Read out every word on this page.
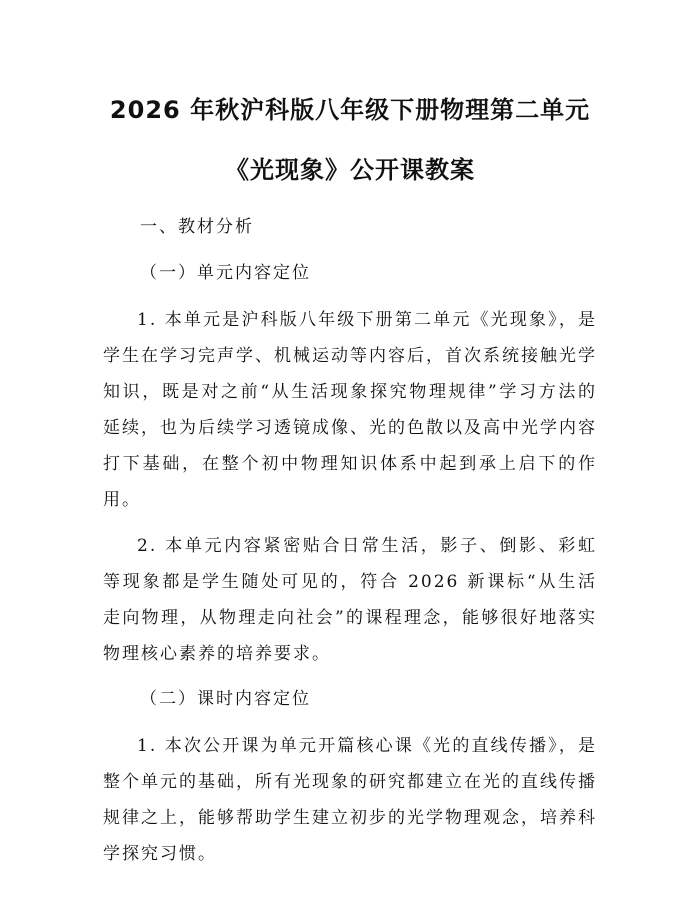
2026 年秋沪科版八年级下册物理第二单元
《光现象》公开课教案

一、教材分析

（一）单元内容定位

1. 本单元是沪科版八年级下册第二单元《光现象》，是学生在学习完声学、机械运动等内容后，首次系统接触光学知识，既是对之前“从生活现象探究物理规律”学习方法的延续，也为后续学习透镜成像、光的色散以及高中光学内容打下基础，在整个初中物理知识体系中起到承上启下的作用。

2. 本单元内容紧密贴合日常生活，影子、倒影、彩虹等现象都是学生随处可见的，符合 2026 新课标“从生活走向物理，从物理走向社会”的课程理念，能够很好地落实物理核心素养的培养要求。

（二）课时内容定位

1. 本次公开课为单元开篇核心课《光的直线传播》，是整个单元的基础，所有光现象的研究都建立在光的直线传播规律之上，能够帮助学生建立初步的光学物理观念，培养科学探究习惯。
